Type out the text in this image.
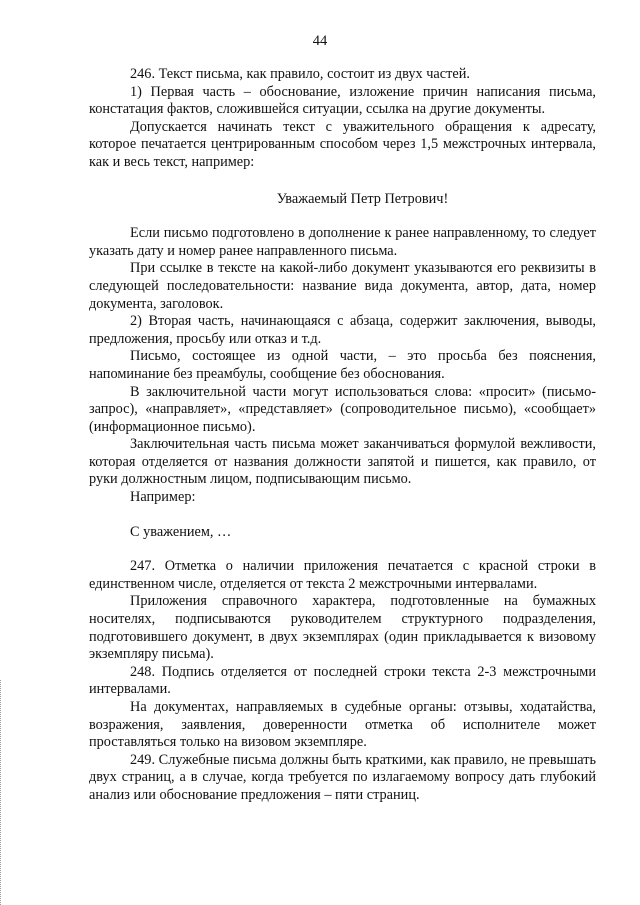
44

246. Текст письма, как правило, состоит из двух частей.

1) Первая часть – обоснование, изложение причин написания письма, констатация фактов, сложившейся ситуации, ссылка на другие документы.

Допускается начинать текст с уважительного обращения к адресату, которое печатается центрированным способом через 1,5 межстрочных интервала, как и весь текст, например:

Уважаемый Петр Петрович!

Если письмо подготовлено в дополнение к ранее направленному, то следует указать дату и номер ранее направленного письма.

При ссылке в тексте на какой-либо документ указываются его реквизиты в следующей последовательности: название вида документа, автор, дата, номер документа, заголовок.

2) Вторая часть, начинающаяся с абзаца, содержит заключения, выводы, предложения, просьбу или отказ и т.д.

Письмо, состоящее из одной части, – это просьба без пояснения, напоминание без преамбулы, сообщение без обоснования.

В заключительной части могут использоваться слова: «просит» (письмо-запрос), «направляет», «представляет» (сопроводительное письмо), «сообщает» (информационное письмо).

Заключительная часть письма может заканчиваться формулой вежливости, которая отделяется от названия должности запятой и пишется, как правило, от руки должностным лицом, подписывающим письмо.

Например:

С уважением, …

247. Отметка о наличии приложения печатается с красной строки в единственном числе, отделяется от текста 2 межстрочными интервалами.

Приложения справочного характера, подготовленные на бумажных носителях, подписываются руководителем структурного подразделения, подготовившего документ, в двух экземплярах (один прикладывается к визовому экземпляру письма).

248. Подпись отделяется от последней строки текста 2-3 межстрочными интервалами.

На документах, направляемых в судебные органы: отзывы, ходатайства, возражения, заявления, доверенности отметка об исполнителе может проставляться только на визовом экземпляре.

249. Служебные письма должны быть краткими, как правило, не превышать двух страниц, а в случае, когда требуется по излагаемому вопросу дать глубокий анализ или обоснование предложения – пяти страниц.
